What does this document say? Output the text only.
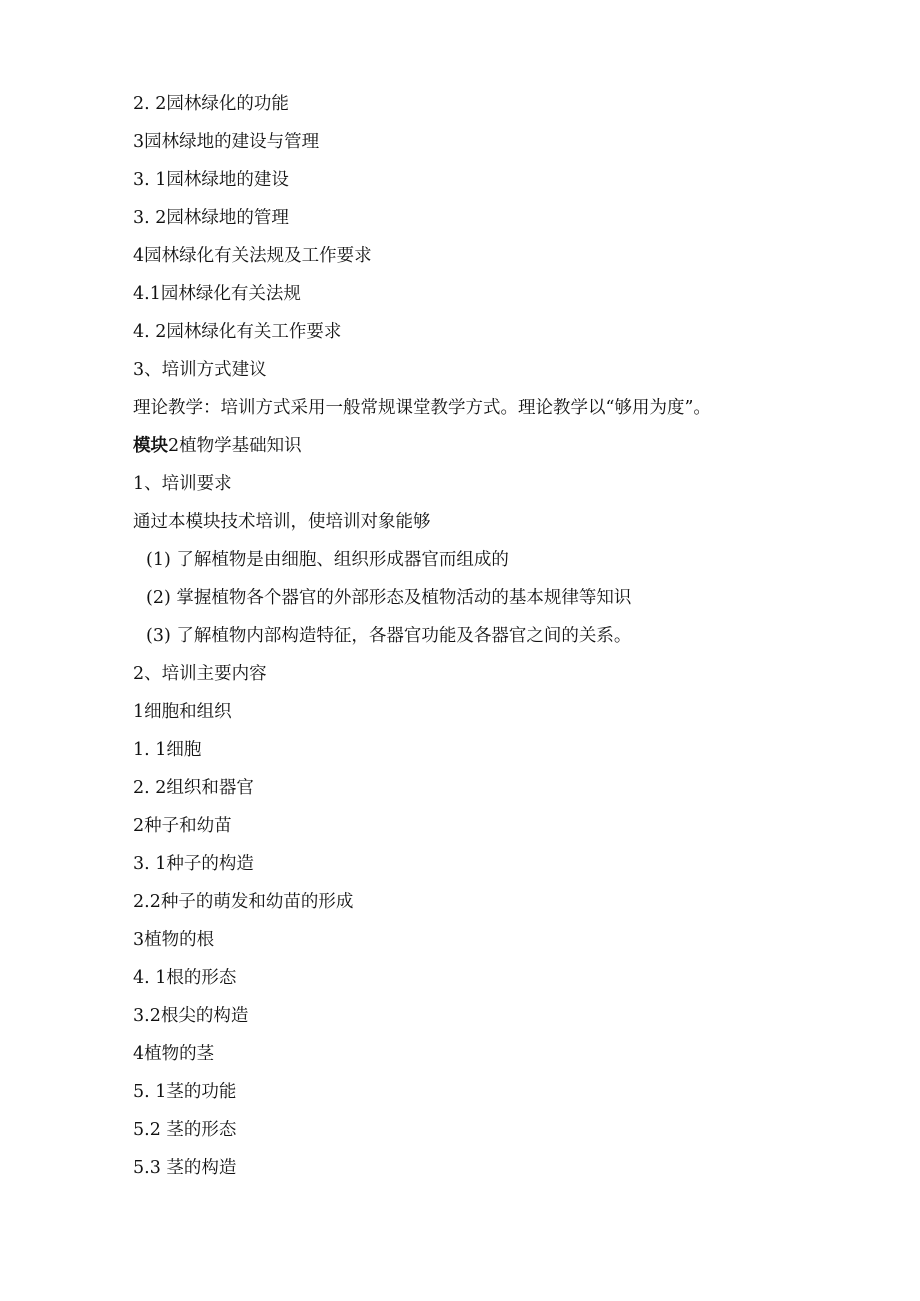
2. 2园林绿化的功能
3园林绿地的建设与管理
3. 1园林绿地的建设
3. 2园林绿地的管理
4园林绿化有关法规及工作要求
4.1园林绿化有关法规
4. 2园林绿化有关工作要求
3、培训方式建议
理论教学：培训方式采用一般常规课堂教学方式。理论教学以“够用为度”。
模块2植物学基础知识
1、培训要求
通过本模块技术培训，使培训对象能够
(1) 了解植物是由细胞、组织形成器官而组成的
(2) 掌握植物各个器官的外部形态及植物活动的基本规律等知识
(3) 了解植物内部构造特征，各器官功能及各器官之间的关系。
2、培训主要内容
1细胞和组织
1. 1细胞
2. 2组织和器官
2种子和幼苗
3. 1种子的构造
2.2种子的萌发和幼苗的形成
3植物的根
4. 1根的形态
3.2根尖的构造
4植物的茎
5. 1茎的功能
5.2 茎的形态
5.3 茎的构造
